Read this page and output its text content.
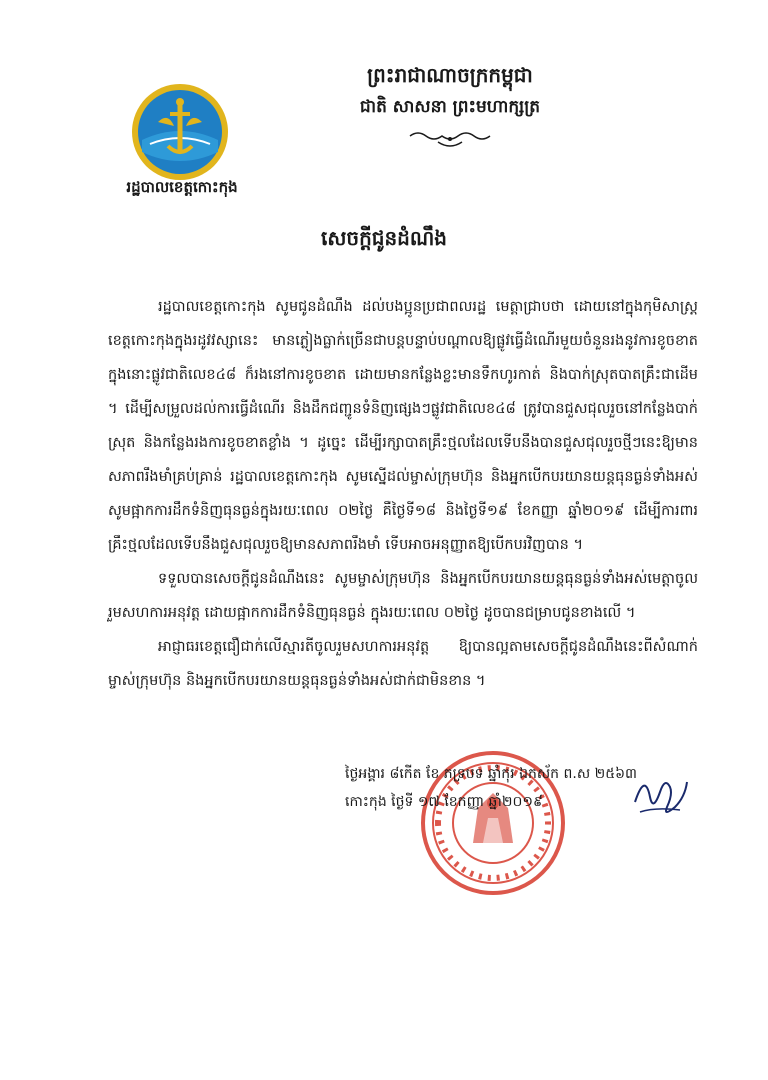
រដ្ឋបាលខេត្តកោះកុង
ព្រះរាជាណាចក្រកម្ពុជា
ជាតិ សាសនា ព្រះមហាក្សត្រ
សេចក្តីជូនដំណឹង

រដ្ឋបាលខេត្តកោះកុង សូមជូនដំណឹង ដល់បងប្អូនប្រជាពលរដ្ឋ មេត្តាជ្រាបថា ដោយនៅក្នុងកុមិសាស្រ្តខេត្តកោះកុងក្នុងរដូវវស្សានេះ មានភ្លៀងធ្លាក់ច្រើនជាបន្តបន្ទាប់បណ្តាលឱ្យផ្លូវធ្វើដំណើរមួយចំនួនរងនូវការខូចខាត ក្នុងនោះផ្លូវជាតិលេខ៤៨ ក៏រងនៅការខូចខាត ដោយមានកន្លែងខ្លះមានទឹកហូរកាត់ និងបាក់ស្រុតបាតគ្រឹះជាដើម ។ ដើម្បីសម្រួលដល់ការធ្វើដំណើរ និងដឹកជញ្ជូនទំនិញផ្សេងៗផ្លូវជាតិលេខ៤៨ ត្រូវបានជួសជុលរួចនៅកន្លែងបាក់ស្រុត និងកន្លែងរងការខូចខាតខ្លាំង ។ ដូច្នេះ ដើម្បីរក្សាបាតគ្រឹះថ្មលដែលទើបនឹងបានជួសជុលរួចថ្មីៗនេះឱ្យមានសភាពរឹងមាំគ្រប់គ្រាន់ រដ្ឋបាលខេត្តកោះកុង សូមស្នើដល់ម្ចាស់ក្រុមហ៊ុន និងអ្នកបើកបរយានយន្តធុនធ្ងន់ទាំងអស់ សូមផ្អាកការដឹកទំនិញធុនធ្ងន់ក្នុងរយៈពេល ០២ថ្ងៃ គឺថ្ងៃទី១៨ និងថ្ងៃទី១៩ ខែកញ្ញា ឆ្នាំ២០១៩ ដើម្បីការពារគ្រឹះថ្មលដែលទើបនឹងជួសជុលរួចឱ្យមានសភាពរឹងមាំ ទើបអាចអនុញ្ញាតឱ្យបើកបរវិញបាន ។

ទទួលបានសេចក្តីជូនដំណឹងនេះ សូមម្ចាស់ក្រុមហ៊ុន និងអ្នកបើកបរយានយន្តធុនធ្ងន់ទាំងអស់មេត្តាចូលរួមសហការអនុវត្ត ដោយផ្អាកការដឹកទំនិញធុនធ្ងន់ ក្នុងរយៈពេល ០២ថ្ងៃ ដូចបានជម្រាបជូនខាងលើ ។

អាជ្ញាធរខេត្តជឿជាក់លើស្មារតីចូលរួមសហការអនុវត្ត ឱ្យបានល្អតាមសេចក្តីជូនដំណឹងនេះពីសំណាក់ម្ចាស់ក្រុមហ៊ុន និងអ្នកបើកបរយានយន្តធុនធ្ងន់ទាំងអស់ជាក់ជាមិនខាន ។

ថ្ងៃអង្គារ ៨កើត ខែ ភទ្របទ ឆ្នាំកុរ ឯកស័ក ព.ស ២៥៦៣
កោះកុង ថ្ងៃទី ១៧ ខែកញ្ញា ឆ្នាំ២០១៩
